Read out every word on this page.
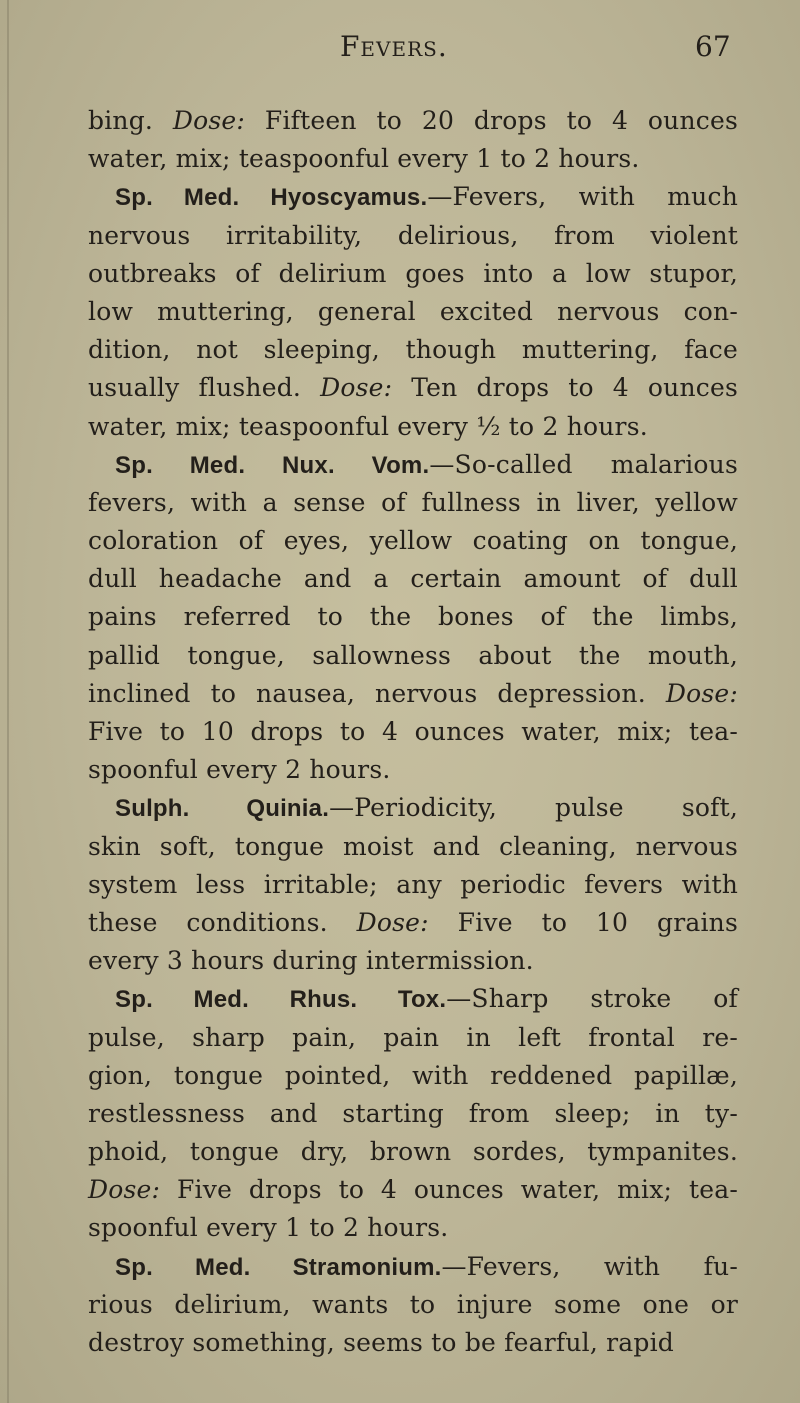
Fevers.	67
bing. Dose: Fifteen to 20 drops to 4 ounces
water, mix; teaspoonful every 1 to 2 hours.
Sp. Med. Hyoscyamus.—Fevers, with much
nervous irritability, delirious, from violent
outbreaks of delirium goes into a low stupor,
low muttering, general excited nervous con-
dition, not sleeping, though muttering, face
usually flushed. Dose: Ten drops to 4 ounces
water, mix; teaspoonful every ½ to 2 hours.
Sp. Med. Nux. Vom.—So-called malarious
fevers, with a sense of fullness in liver, yellow
coloration of eyes, yellow coating on tongue,
dull headache and a certain amount of dull
pains referred to the bones of the limbs,
pallid tongue, sallowness about the mouth,
inclined to nausea, nervous depression. Dose:
Five to 10 drops to 4 ounces water, mix; tea-
spoonful every 2 hours.
Sulph. Quinia.—Periodicity, pulse soft,
skin soft, tongue moist and cleaning, nervous
system less irritable; any periodic fevers with
these conditions. Dose: Five to 10 grains
every 3 hours during intermission.
Sp. Med. Rhus. Tox.—Sharp stroke of
pulse, sharp pain, pain in left frontal re-
gion, tongue pointed, with reddened papillæ,
restlessness and starting from sleep; in ty-
phoid, tongue dry, brown sordes, tympanites.
Dose: Five drops to 4 ounces water, mix; tea-
spoonful every 1 to 2 hours.
Sp. Med. Stramonium.—Fevers, with fu-
rious delirium, wants to injure some one or
destroy something, seems to be fearful, rapid
